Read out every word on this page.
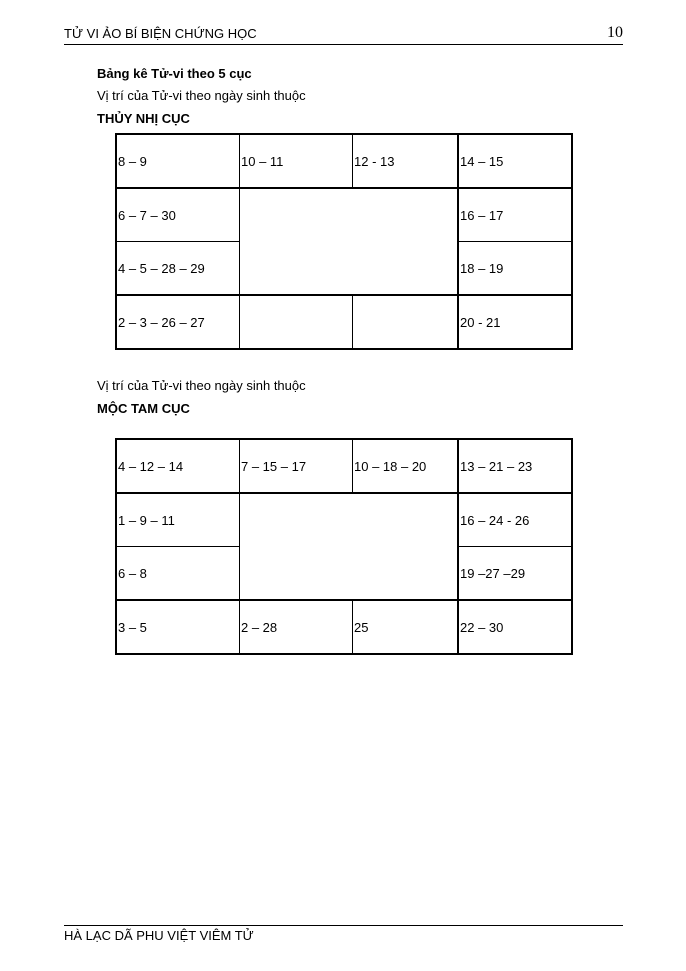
TỬ VI ẢO BÍ BIỆN CHỨNG HỌC	10
Bảng kê Tử-vi theo 5 cục
Vị trí của Tử-vi theo ngày sinh thuộc
THỦY NHỊ CỤC
8 – 9	10 – 11	12 - 13	14 – 15
6 – 7 – 30			16 – 17
4 – 5 – 28 – 29			18 – 19
2 – 3 – 26 – 27			20 - 21
Vị trí của Tử-vi theo ngày sinh thuộc
MỘC TAM CỤC
4 – 12 – 14	7 – 15 – 17	10 – 18 – 20	13 – 21 – 23
1 – 9 – 11			16 – 24 - 26
6 – 8			19 –27 –29
3 – 5	2 – 28	25	22 – 30
HÀ LẠC DÃ PHU VIỆT VIÊM TỬ
